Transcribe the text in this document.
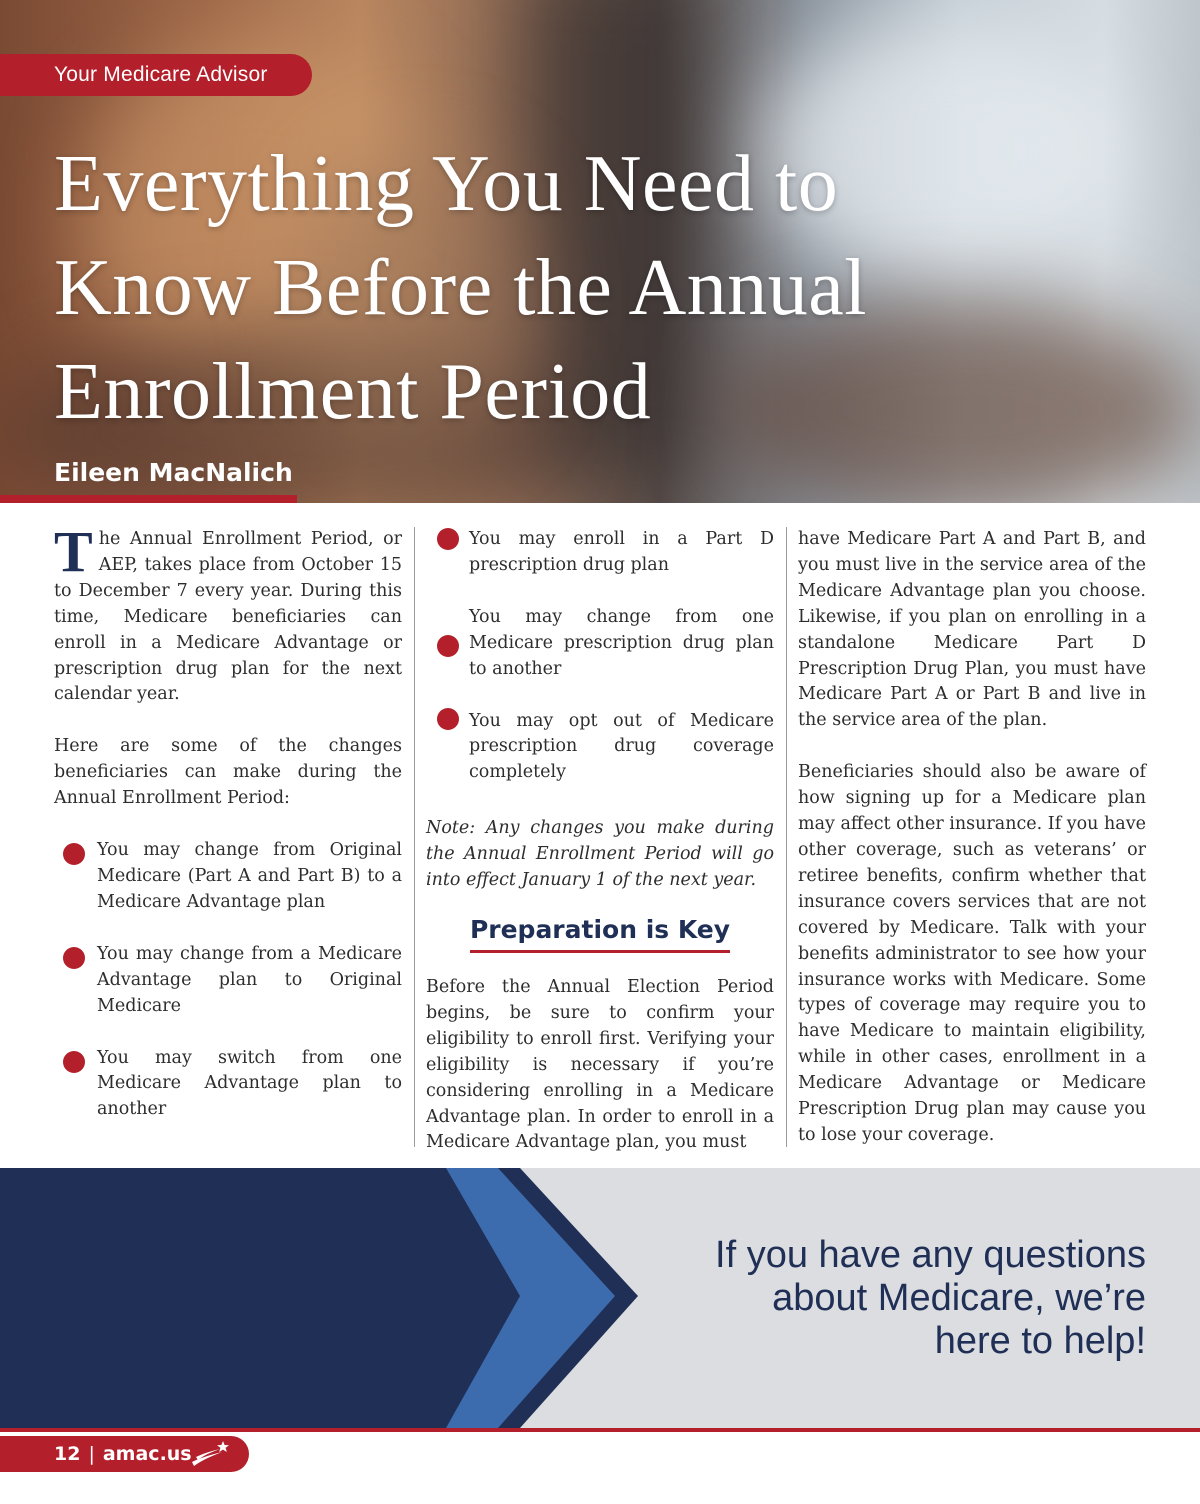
Your Medicare Advisor
Everything You Need to
Know Before the Annual
Enrollment Period
Eileen MacNalich

The Annual Enrollment Period, or AEP, takes place from October 15 to December 7 every year. During this time, Medicare beneficiaries can enroll in a Medicare Advantage or prescription drug plan for the next calendar year.

Here are some of the changes beneficiaries can make during the Annual Enrollment Period:

You may change from Original Medicare (Part A and Part B) to a Medicare Advantage plan
You may change from a Medicare Advantage plan to Original Medicare
You may switch from one Medicare Advantage plan to another
You may enroll in a Part D prescription drug plan
You may change from one Medicare prescription drug plan to another
You may opt out of Medicare prescription drug coverage completely

Note: Any changes you make during the Annual Enrollment Period will go into effect January 1 of the next year.

Preparation is Key

Before the Annual Election Period begins, be sure to confirm your eligibility to enroll first. Verifying your eligibility is necessary if you’re considering enrolling in a Medicare Advantage plan. In order to enroll in a Medicare Advantage plan, you must

have Medicare Part A and Part B, and you must live in the service area of the Medicare Advantage plan you choose. Likewise, if you plan on enrolling in a standalone Medicare Part D Prescription Drug Plan, you must have Medicare Part A or Part B and live in the service area of the plan.

Beneficiaries should also be aware of how signing up for a Medicare plan may affect other insurance. If you have other coverage, such as veterans’ or retiree benefits, confirm whether that insurance covers services that are not covered by Medicare. Talk with your benefits administrator to see how your insurance works with Medicare. Some types of coverage may require you to have Medicare to maintain eligibility, while in other cases, enrollment in a Medicare Advantage or Medicare Prescription Drug plan may cause you to lose your coverage.

If you have any questions
about Medicare, we’re
here to help!
12 | amac.us
